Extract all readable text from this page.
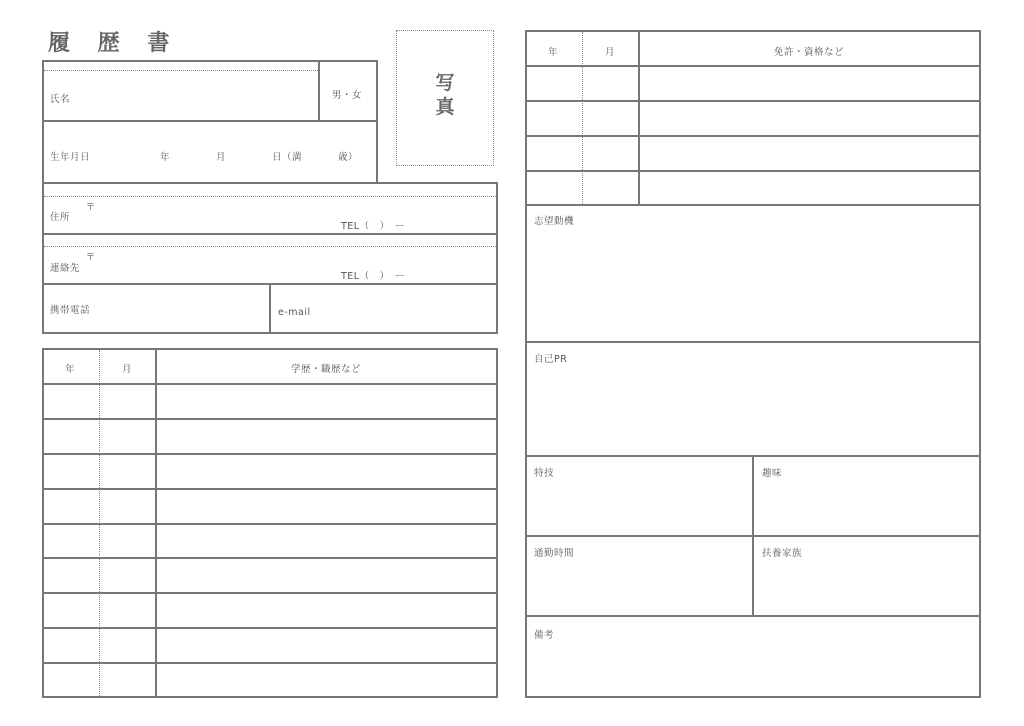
履 歴 書
写
真
氏名	男・女
生年月日	年	月	日（満	歳）
住所
〒
TEL（　）　ー
連絡先
〒
TEL（　）　ー
携帯電話	e-mail
年	月	学歴・職歴など
年	月	免許・資格など
志望動機
自己PR
特技	趣味
通勤時間	扶養家族
備考
